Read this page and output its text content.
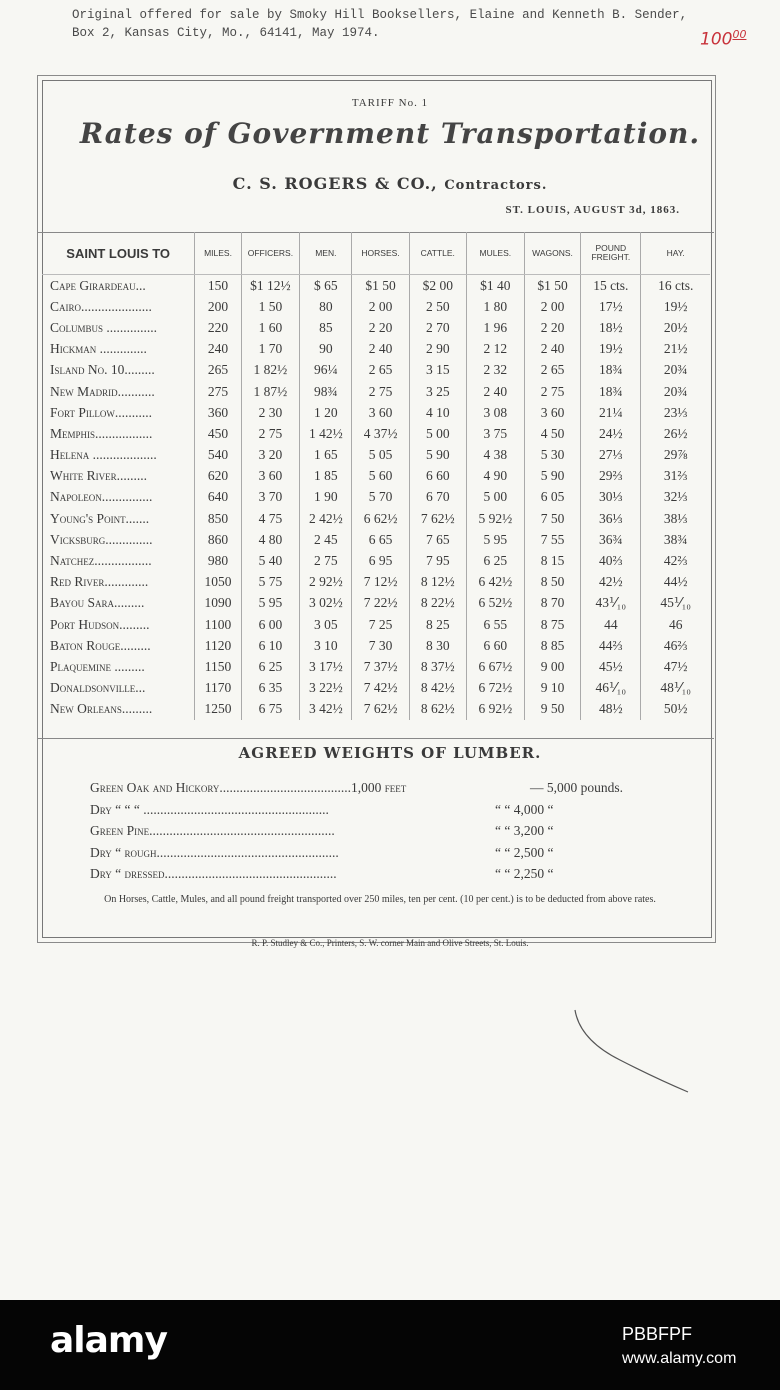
Original offered for sale by Smoky Hill Booksellers, Elaine and Kenneth B. Sender,
Box 2, Kansas City, Mo., 64141, May 1974.	$100^{00}$
TARIFF No. 1
Rates of Government Transportation.
C. S. ROGERS & CO., Contractors.
ST. LOUIS, AUGUST 3d, 1863.
SAINT LOUIS TO	MILES.	OFFICERS.	MEN.	HORSES.	CATTLE.	MULES.	WAGONS.	POUND FREIGHT.	HAY.
Cape Girardeau...	150	$1 12½	$ 65	$1 50	$2 00	$1 40	$1 50	15 cts.	16 cts.
Cairo.....................	200	1 50	80	2 00	2 50	1 80	2 00	17½	19½
Columbus ...............	220	1 60	85	2 20	2 70	1 96	2 20	18½	20½
Hickman ..............	240	1 70	90	2 40	2 90	2 12	2 40	19½	21½
Island No. 10.........	265	1 82½	96¼	2 65	3 15	2 32	2 65	18¾	20¾
New Madrid...........	275	1 87½	98¾	2 75	3 25	2 40	2 75	18¾	20¾
Fort Pillow...........	360	2 30	1 20	3 60	4 10	3 08	3 60	21¼	23⅓
Memphis.................	450	2 75	1 42½	4 37½	5 00	3 75	4 50	24½	26½
Helena ...................	540	3 20	1 65	5 05	5 90	4 38	5 30	27⅓	29⅞
White River.........	620	3 60	1 85	5 60	6 60	4 90	5 90	29⅔	31⅔
Napoleon...............	640	3 70	1 90	5 70	6 70	5 00	6 05	30⅓	32⅓
Young's Point.......	850	4 75	2 42½	6 62½	7 62½	5 92½	7 50	36⅓	38⅓
Vicksburg..............	860	4 80	2 45	6 65	7 65	5 95	7 55	36¾	38¾
Natchez.................	980	5 40	2 75	6 95	7 95	6 25	8 15	40⅔	42⅔
Red River.............	1050	5 75	2 92½	7 12½	8 12½	6 42½	8 50	42½	44½
Bayou Sara.........	1090	5 95	3 02½	7 22½	8 22½	6 52½	8 70	43⅟₁₀	45⅟₁₀
Port Hudson.........	1100	6 00	3 05	7 25	8 25	6 55	8 75	44	46
Baton Rouge.........	1120	6 10	3 10	7 30	8 30	6 60	8 85	44⅔	46⅔
Plaquemine .........	1150	6 25	3 17½	7 37½	8 37½	6 67½	9 00	45½	47½
Donaldsonville...	1170	6 35	3 22½	7 42½	8 42½	6 72½	9 10	46⅟₁₀	48⅟₁₀
New Orleans.........	1250	6 75	3 42½	7 62½	8 62½	6 92½	9 50	48½	50½
AGREED WEIGHTS OF LUMBER.
Green Oak and Hickory.......................................1,000 feet	— 5,000 pounds.
Dry “ “ “ .......................................................	“ “ 4,000 “
Green Pine.......................................................	“ “ 3,200 “
Dry “ rough......................................................	“ “ 2,500 “
Dry “ dressed...................................................	“ “ 2,250 “
On Horses, Cattle, Mules, and all pound freight transported over 250 miles, ten per cent. (10 per cent.) is to be deducted from above rates.
R. P. Studley & Co., Printers, S. W. corner Main and Olive Streets, St. Louis.
alamy	PBBFPF
www.alamy.com
